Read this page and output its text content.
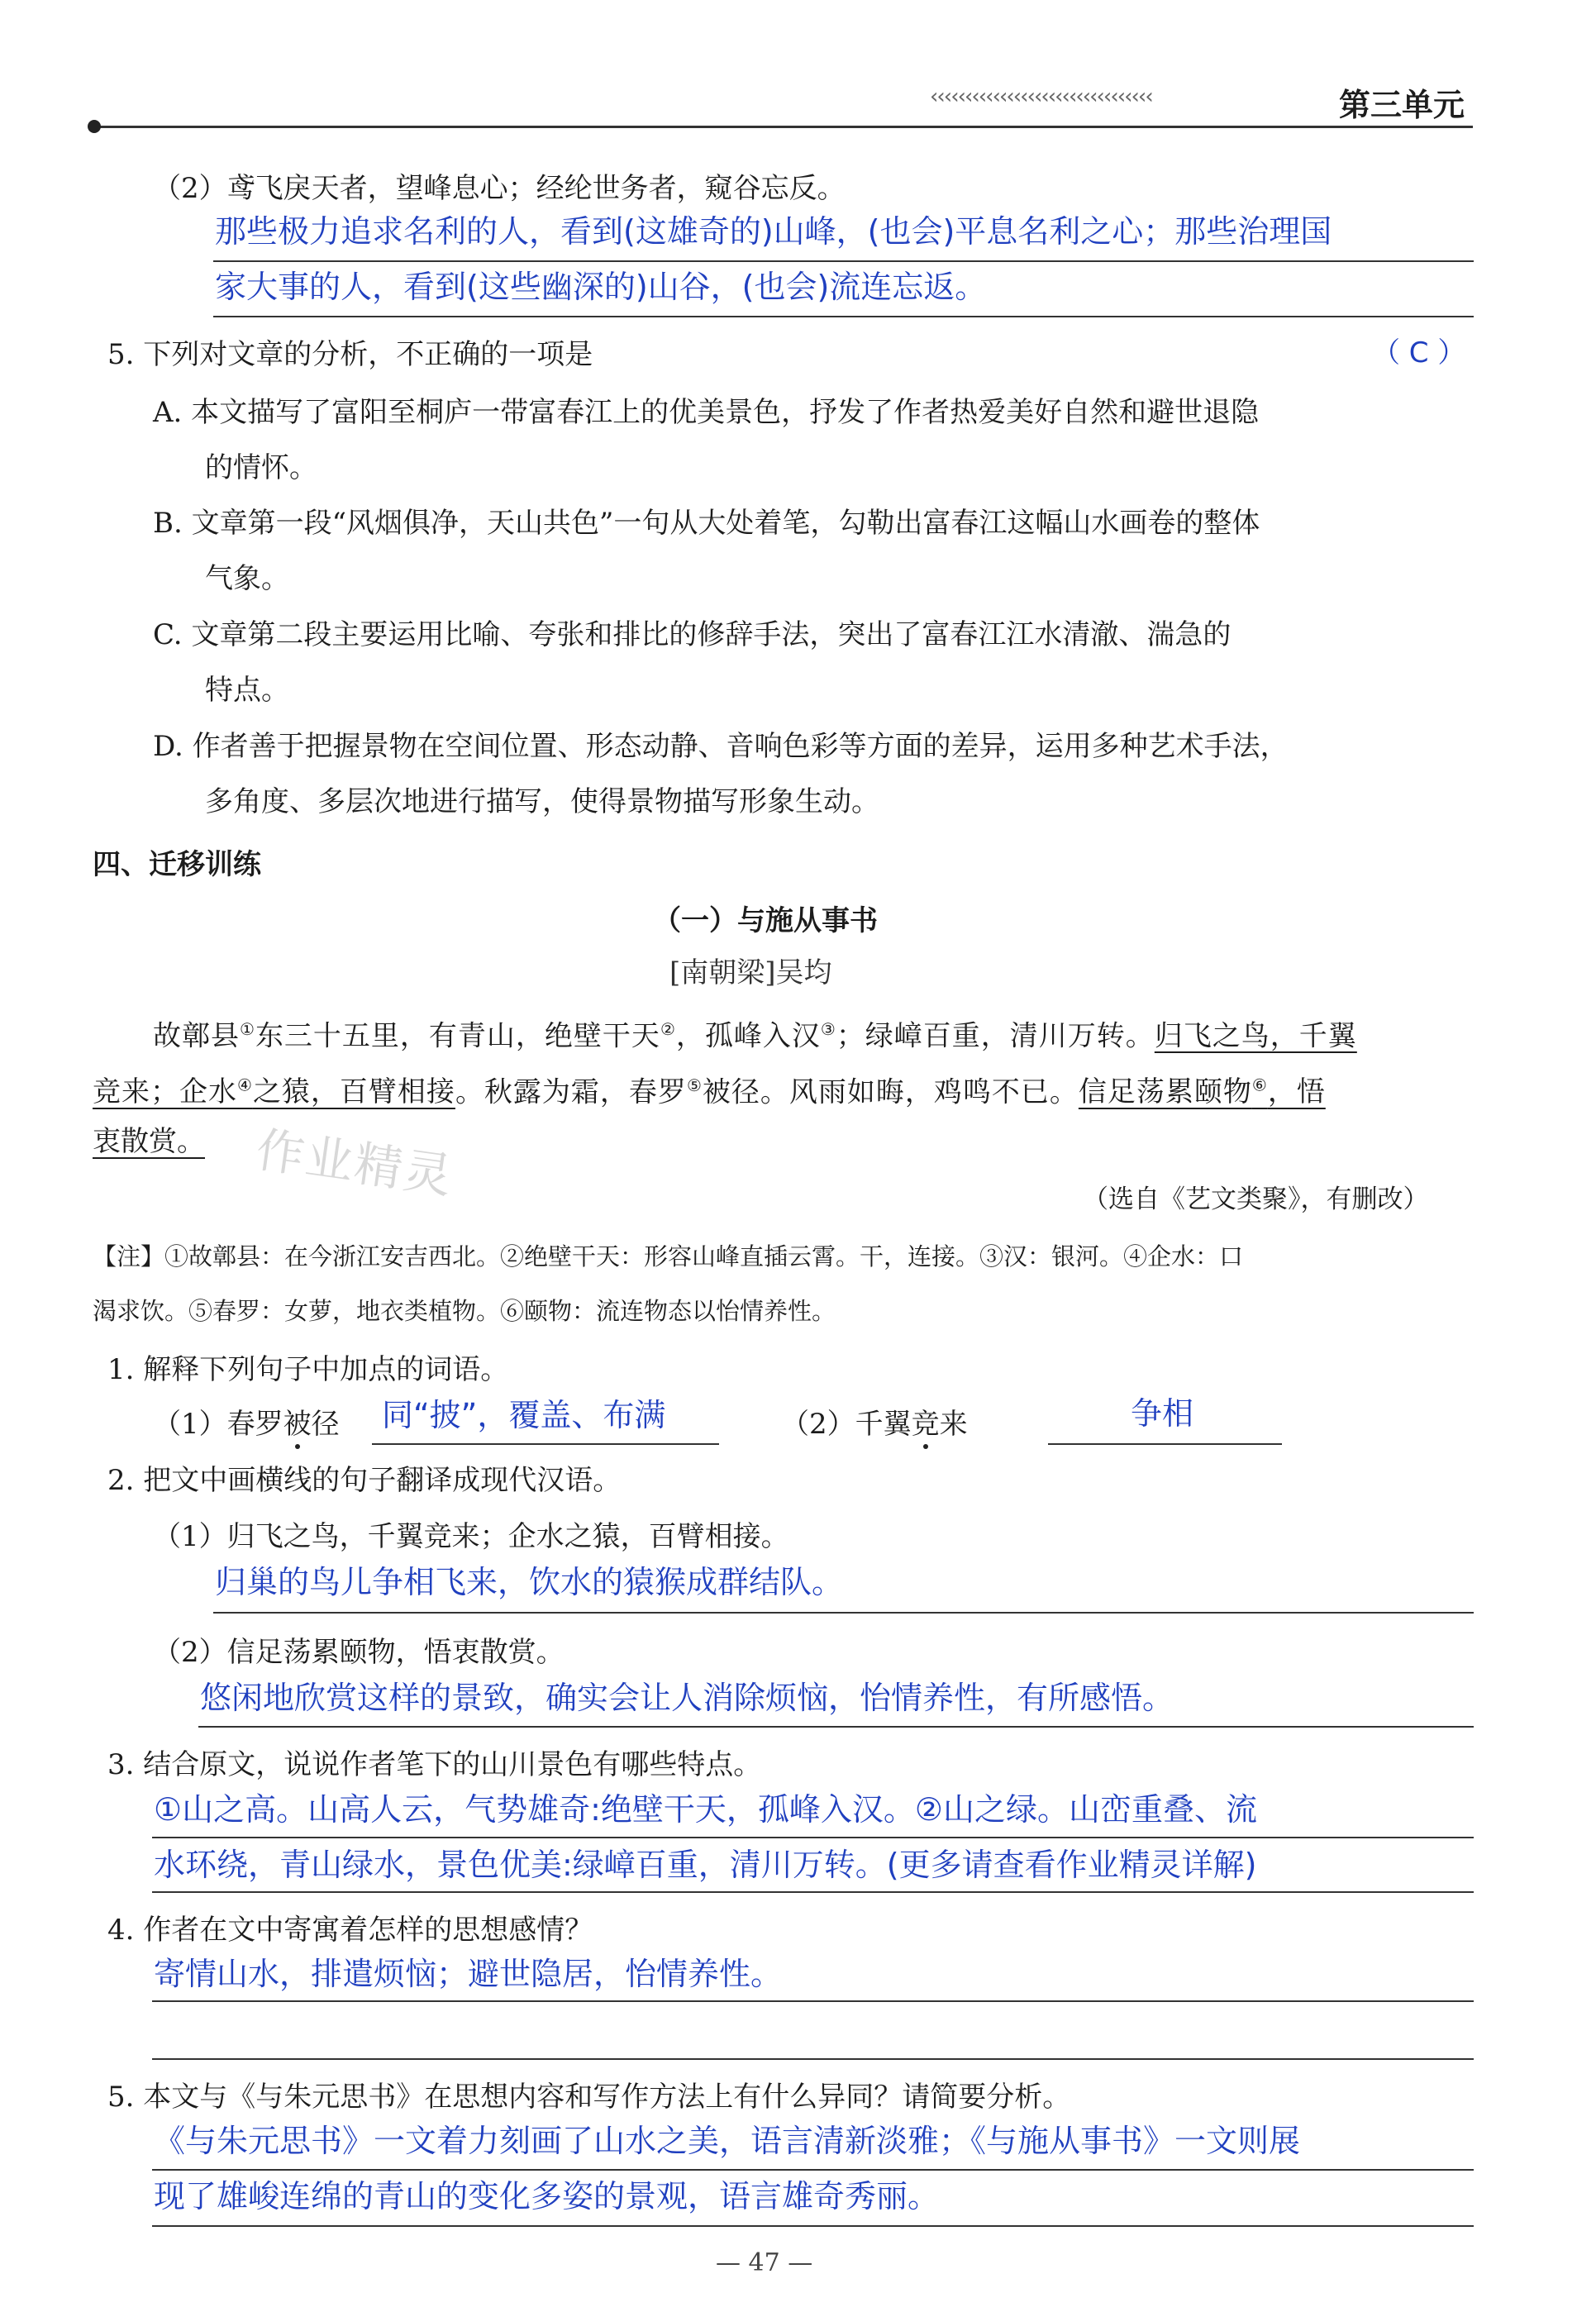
‹‹‹‹‹‹‹‹‹‹‹‹‹‹‹‹‹‹‹‹‹‹‹‹‹‹‹‹‹‹‹‹	第三单元
（2）鸢飞戾天者，望峰息心；经纶世务者，窥谷忘反。
那些极力追求名利的人，看到(这雄奇的)山峰，(也会)平息名利之心；那些治理国
家大事的人，看到(这些幽深的)山谷，(也会)流连忘返。
5. 下列对文章的分析，不正确的一项是	（ C ）
A. 本文描写了富阳至桐庐一带富春江上的优美景色，抒发了作者热爱美好自然和避世退隐
的情怀。
B. 文章第一段“风烟俱净，天山共色”一句从大处着笔，勾勒出富春江这幅山水画卷的整体
气象。
C. 文章第二段主要运用比喻、夸张和排比的修辞手法，突出了富春江江水清澈、湍急的
特点。
D. 作者善于把握景物在空间位置、形态动静、音响色彩等方面的差异，运用多种艺术手法，
多角度、多层次地进行描写，使得景物描写形象生动。
四、迁移训练
（一）与施从事书
[南朝梁]吴均
故鄣县①东三十五里，有青山，绝壁干天②，孤峰入汉③；绿嶂百重，清川万转。归飞之鸟，千翼
竞来；企水④之猿，百臂相接。秋露为霜，春罗⑤被径。风雨如晦，鸡鸣不已。信足荡累颐物⑥，悟
衷散赏。 作业精灵	（选自《艺文类聚》，有删改）
【注】①故鄣县：在今浙江安吉西北。②绝壁干天：形容山峰直插云霄。干，连接。③汉：银河。④企水：口
渴求饮。⑤春罗：女萝，地衣类植物。⑥颐物：流连物态以怡情养性。
1. 解释下列句子中加点的词语。
（1）春罗被径 同“披”，覆盖、布满	（2）千翼竞来	争相
2. 把文中画横线的句子翻译成现代汉语。
（1）归飞之鸟，千翼竞来；企水之猿，百臂相接。
归巢的鸟儿争相飞来，饮水的猿猴成群结队。
（2）信足荡累颐物，悟衷散赏。
悠闲地欣赏这样的景致，确实会让人消除烦恼，怡情养性，有所感悟。
3. 结合原文，说说作者笔下的山川景色有哪些特点。
①山之高。山高人云，气势雄奇:绝壁干天，孤峰入汉。②山之绿。山峦重叠、流
水环绕，青山绿水，景色优美:绿嶂百重，清川万转。(更多请查看作业精灵详解)
4. 作者在文中寄寓着怎样的思想感情？
寄情山水，排遣烦恼；避世隐居，怡情养性。
5. 本文与《与朱元思书》在思想内容和写作方法上有什么异同？请简要分析。
《与朱元思书》一文着力刻画了山水之美，语言清新淡雅；《与施从事书》一文则展
现了雄峻连绵的青山的变化多姿的景观，语言雄奇秀丽。
— 47 —
